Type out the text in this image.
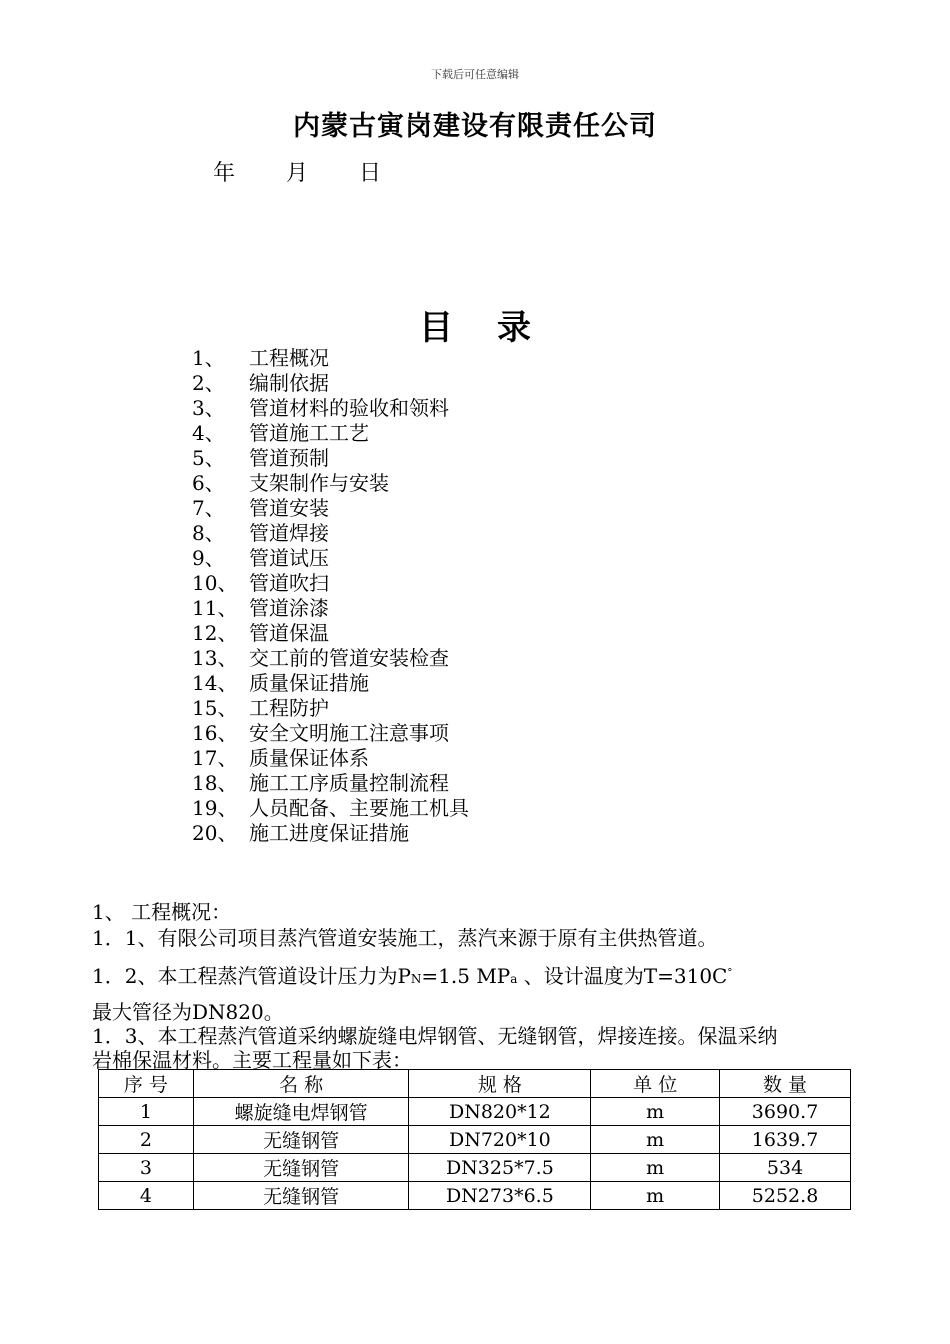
下载后可任意编辑
内蒙古寅岗建设有限责任公司
年 月 日
目 录
1、	工程概况
2、	编制依据
3、	管道材料的验收和领料
4、	管道施工工艺
5、	管道预制
6、	支架制作与安装
7、	管道安装
8、	管道焊接
9、	管道试压
10、 管道吹扫
11、 管道涂漆
12、 管道保温
13、 交工前的管道安装检查
14、 质量保证措施
15、 工程防护
16、 安全文明施工注意事项
17、 质量保证体系
18、 施工工序质量控制流程
19、 人员配备、主要施工机具
20、 施工进度保证措施
1、 工程概况：
1．1、有限公司项目蒸汽管道安装施工，蒸汽来源于原有主供热管道。
1．2、本工程蒸汽管道设计压力为PN=1.5 MPa 、设计温度为T=310C°
最大管径为DN820。
1．3、本工程蒸汽管道采纳螺旋缝电焊钢管、无缝钢管，焊接连接。保温采纳
岩棉保温材料。主要工程量如下表：
序 号	名 称	规 格	单 位	数 量
1	螺旋缝电焊钢管	DN820*12	m	3690.7
2	无缝钢管	DN720*10	m	1639.7
3	无缝钢管	DN325*7.5	m	534
4	无缝钢管	DN273*6.5	m	5252.8
